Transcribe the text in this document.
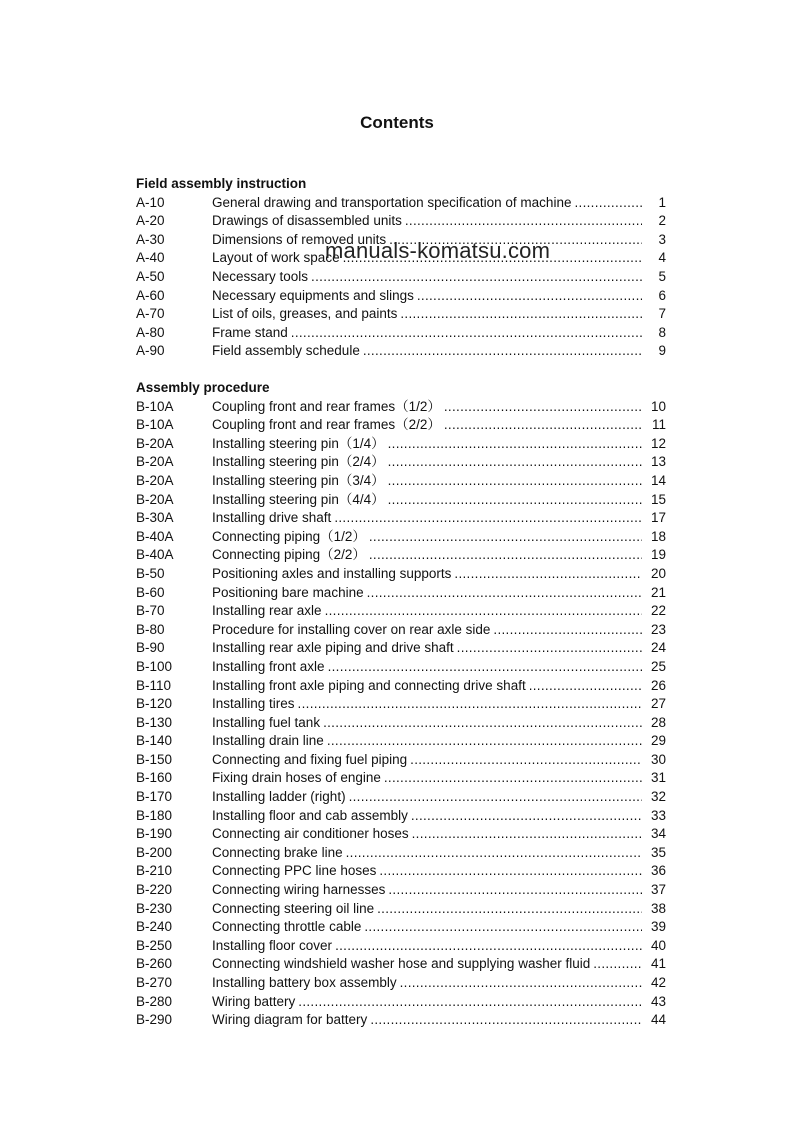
Contents
Field assembly instruction
A-10	General drawing and transportation specification of machine .....	1
A-20	Drawings of disassembled units .....	2
A-30	Dimensions of removed units .....	3
A-40	Layout of work space .....	4
A-50	Necessary tools .....	5
A-60	Necessary equipments and slings .....	6
A-70	List of oils, greases, and paints .....	7
A-80	Frame stand .....	8
A-90	Field assembly schedule .....	9
Assembly procedure
B-10A	Coupling front and rear frames（1/2） .....	10
B-10A	Coupling front and rear frames（2/2） .....	11
B-20A	Installing steering pin（1/4） .....	12
B-20A	Installing steering pin（2/4） .....	13
B-20A	Installing steering pin（3/4） .....	14
B-20A	Installing steering pin（4/4） .....	15
B-30A	Installing drive shaft .....	17
B-40A	Connecting piping（1/2） .....	18
B-40A	Connecting piping（2/2） .....	19
B-50	Positioning axles and installing supports .....	20
B-60	Positioning bare machine .....	21
B-70	Installing rear axle .....	22
B-80	Procedure for installing cover on rear axle side .....	23
B-90	Installing rear axle piping and drive shaft .....	24
B-100	Installing front axle .....	25
B-110	Installing front axle piping and connecting drive shaft .....	26
B-120	Installing tires .....	27
B-130	Installing fuel tank .....	28
B-140	Installing drain line .....	29
B-150	Connecting and fixing fuel piping .....	30
B-160	Fixing drain hoses of engine .....	31
B-170	Installing ladder (right) .....	32
B-180	Installing floor and cab assembly .....	33
B-190	Connecting air conditioner hoses .....	34
B-200	Connecting brake line .....	35
B-210	Connecting PPC line hoses .....	36
B-220	Connecting wiring harnesses .....	37
B-230	Connecting steering oil line .....	38
B-240	Connecting throttle cable .....	39
B-250	Installing floor cover .....	40
B-260	Connecting windshield washer hose and supplying washer fluid .....	41
B-270	Installing battery box assembly .....	42
B-280	Wiring battery .....	43
B-290	Wiring diagram for battery .....	44
manuals-komatsu.com
